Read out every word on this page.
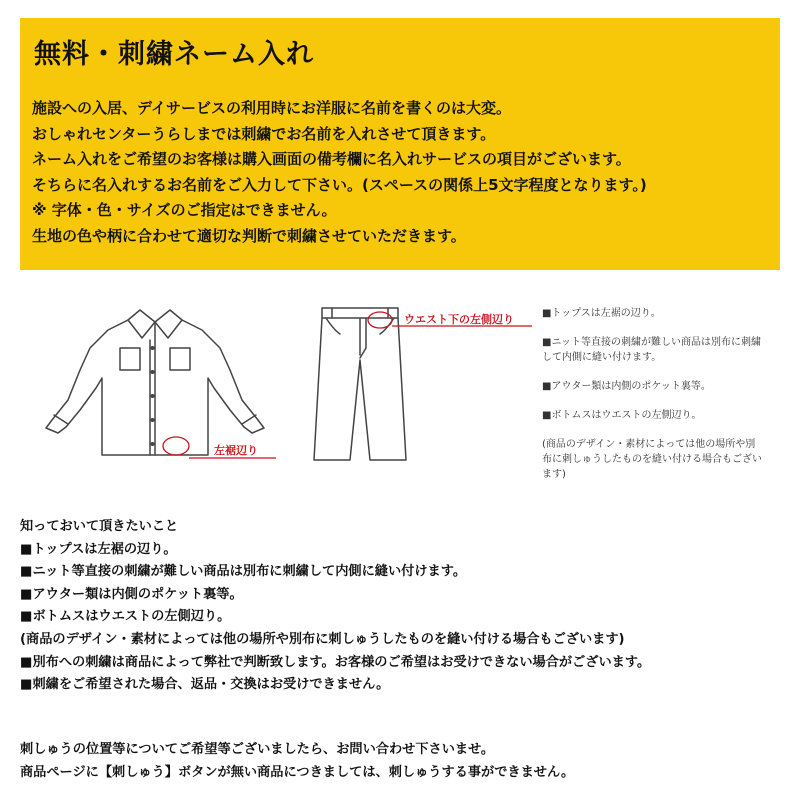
無料・刺繍ネーム入れ
施設への入居、デイサービスの利用時にお洋服に名前を書くのは大変。
おしゃれセンターうらしまでは刺繍でお名前を入れさせて頂きます。
ネーム入れをご希望のお客様は購入画面の備考欄に名入れサービスの項目がございます。
そちらに名入れするお名前をご入力して下さい。(スペースの関係上5文字程度となります。)
※ 字体・色・サイズのご指定はできません。
生地の色や柄に合わせて適切な判断で刺繍させていただきます。
左裾辺り
ウエスト下の左側辺り	■トップスは左裾の辺り。
■ニット等直接の刺繍が難しい商品は別布に刺繍して内側に縫い付けます。
■アウター類は内側のポケット裏等。
■ボトムスはウエストの左側辺り。
(商品のデザイン・素材によっては他の場所や別布に刺しゅうしたものを縫い付ける場合もございます)
知っておいて頂きたいこと
■トップスは左裾の辺り。
■ニット等直接の刺繍が難しい商品は別布に刺繍して内側に縫い付けます。
■アウター類は内側のポケット裏等。
■ボトムスはウエストの左側辺り。
(商品のデザイン・素材によっては他の場所や別布に刺しゅうしたものを縫い付ける場合もございます)
■別布への刺繍は商品によって弊社で判断致します。お客様のご希望はお受けできない場合がございます。
■刺繍をご希望された場合、返品・交換はお受けできません。
刺しゅうの位置等についてご希望等ございましたら、お問い合わせ下さいませ。
商品ページに【刺しゅう】ボタンが無い商品につきましては、刺しゅうする事ができません。
